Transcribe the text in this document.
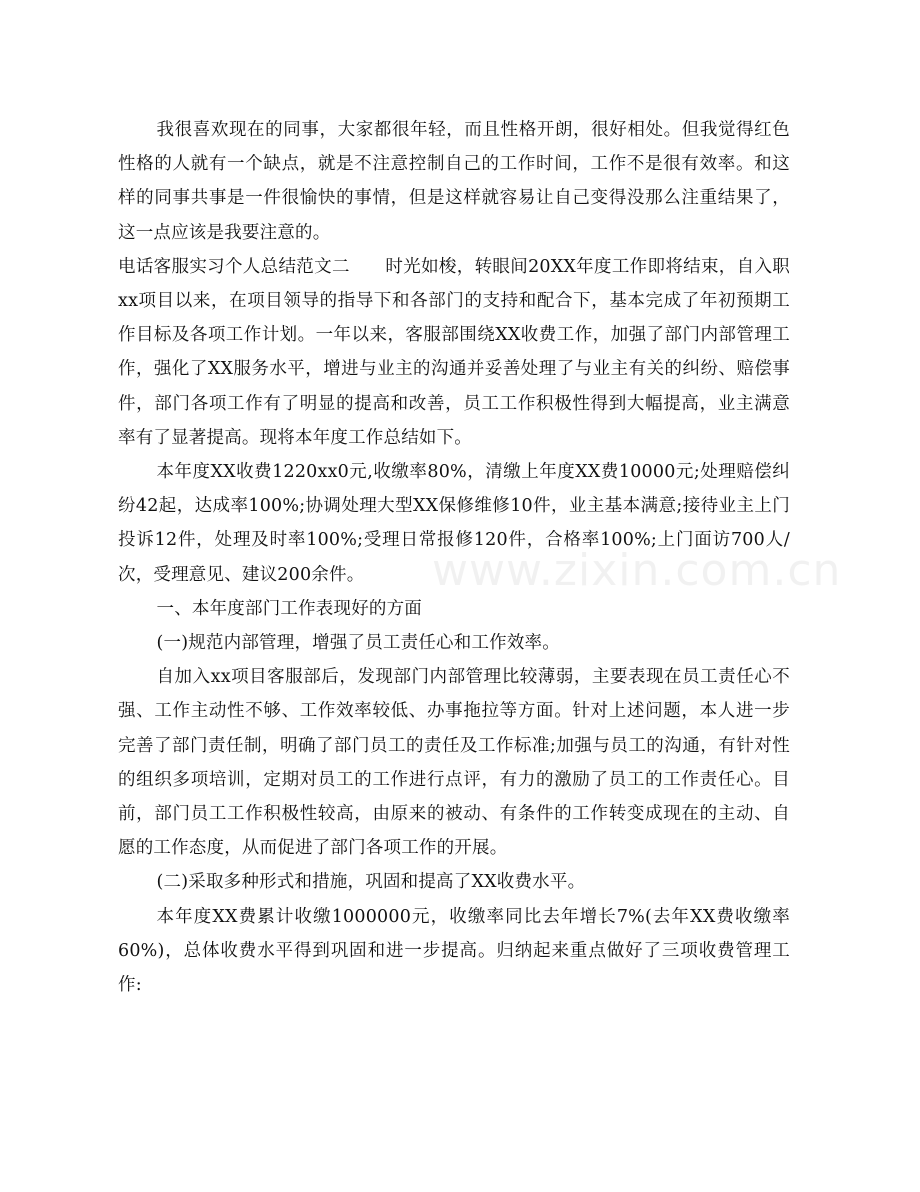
www.zixin.com.cn

我很喜欢现在的同事，大家都很年轻，而且性格开朗，很好相处。但我觉得红色性格的人就有一个缺点，就是不注意控制自己的工作时间，工作不是很有效率。和这样的同事共事是一件很愉快的事情，但是这样就容易让自己变得没那么注重结果了，这一点应该是我要注意的。

电话客服实习个人总结范文二　　时光如梭，转眼间20XX年度工作即将结束，自入职xx项目以来，在项目领导的指导下和各部门的支持和配合下，基本完成了年初预期工作目标及各项工作计划。一年以来，客服部围绕XX收费工作，加强了部门内部管理工作，强化了XX服务水平，增进与业主的沟通并妥善处理了与业主有关的纠纷、赔偿事件，部门各项工作有了明显的提高和改善，员工工作积极性得到大幅提高，业主满意率有了显著提高。现将本年度工作总结如下。

本年度XX收费1220xx0元,收缴率80%，清缴上年度XX费10000元;处理赔偿纠纷42起，达成率100%;协调处理大型XX保修维修10件，业主基本满意;接待业主上门投诉12件，处理及时率100%;受理日常报修120件，合格率100%;上门面访700人/次，受理意见、建议200余件。

一、本年度部门工作表现好的方面

(一)规范内部管理，增强了员工责任心和工作效率。

自加入xx项目客服部后，发现部门内部管理比较薄弱，主要表现在员工责任心不强、工作主动性不够、工作效率较低、办事拖拉等方面。针对上述问题，本人进一步完善了部门责任制，明确了部门员工的责任及工作标准;加强与员工的沟通，有针对性的组织多项培训，定期对员工的工作进行点评，有力的激励了员工的工作责任心。目前，部门员工工作积极性较高，由原来的被动、有条件的工作转变成现在的主动、自愿的工作态度，从而促进了部门各项工作的开展。

(二)采取多种形式和措施，巩固和提高了XX收费水平。

本年度XX费累计收缴1000000元，收缴率同比去年增长7%(去年XX费收缴率60%)，总体收费水平得到巩固和进一步提高。归纳起来重点做好了三项收费管理工作:
